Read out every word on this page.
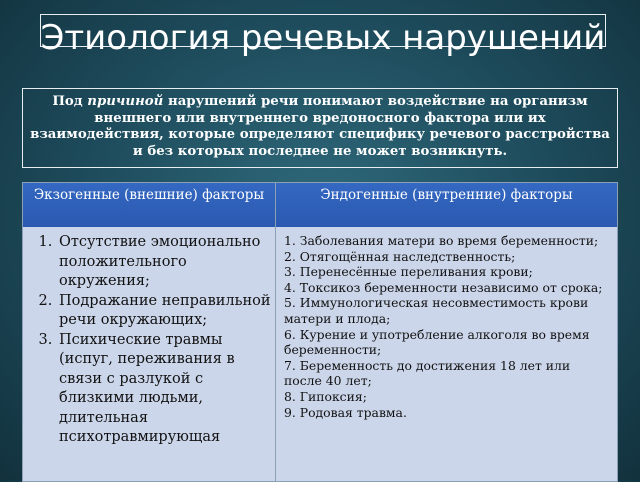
Этиология речевых нарушений
Под причиной нарушений речи понимают воздействие на организм внешнего или внутреннего вредоносного фактора или их взаимодействия, которые определяют специфику речевого расстройства и без которых последнее не может возникнуть.
Экзогенные (внешние) факторы
1. Отсутствие эмоционально положительного окружения;
2. Подражание неправильной речи окружающих;
3. Психические травмы (испуг, переживания в связи с разлукой с близкими людьми, длительная психотравмирующая
Эндогенные (внутренние) факторы
1. Заболевания матери во время беременности;
2. Отягощённая наследственность;
3. Перенесённые переливания крови;
4. Токсикоз беременности независимо от срока;
5. Иммунологическая несовместимость крови матери и плода;
6. Курение и употребление алкоголя во время беременности;
7. Беременность до достижения 18 лет или после 40 лет;
8. Гипоксия;
9. Родовая травма.
